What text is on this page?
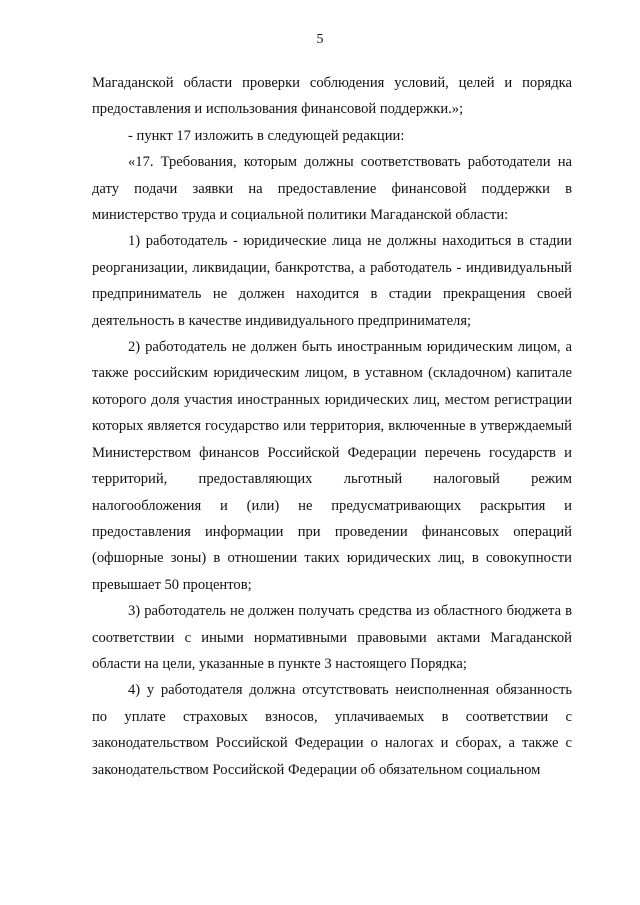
5

Магаданской области проверки соблюдения условий, целей и порядка предоставления и использования финансовой поддержки.»;

- пункт 17 изложить в следующей редакции:

«17. Требования, которым должны соответствовать работодатели на дату подачи заявки на предоставление финансовой поддержки в министерство труда и социальной политики Магаданской области:

1) работодатель - юридические лица не должны находиться в стадии реорганизации, ликвидации, банкротства, а работодатель - индивидуальный предприниматель не должен находится в стадии прекращения своей деятельность в качестве индивидуального предпринимателя;

2) работодатель не должен быть иностранным юридическим лицом, а также российским юридическим лицом, в уставном (складочном) капитале которого доля участия иностранных юридических лиц, местом регистрации которых является государство или территория, включенные в утверждаемый Министерством финансов Российской Федерации перечень государств и территорий, предоставляющих льготный налоговый режим налогообложения и (или) не предусматривающих раскрытия и предоставления информации при проведении финансовых операций (офшорные зоны) в отношении таких юридических лиц, в совокупности превышает 50 процентов;

3) работодатель не должен получать средства из областного бюджета в соответствии с иными нормативными правовыми актами Магаданской области на цели, указанные в пункте 3 настоящего Порядка;

4) у работодателя должна отсутствовать неисполненная обязанность по уплате страховых взносов, уплачиваемых в соответствии с законодательством Российской Федерации о налогах и сборах, а также с законодательством Российской Федерации об обязательном социальном
